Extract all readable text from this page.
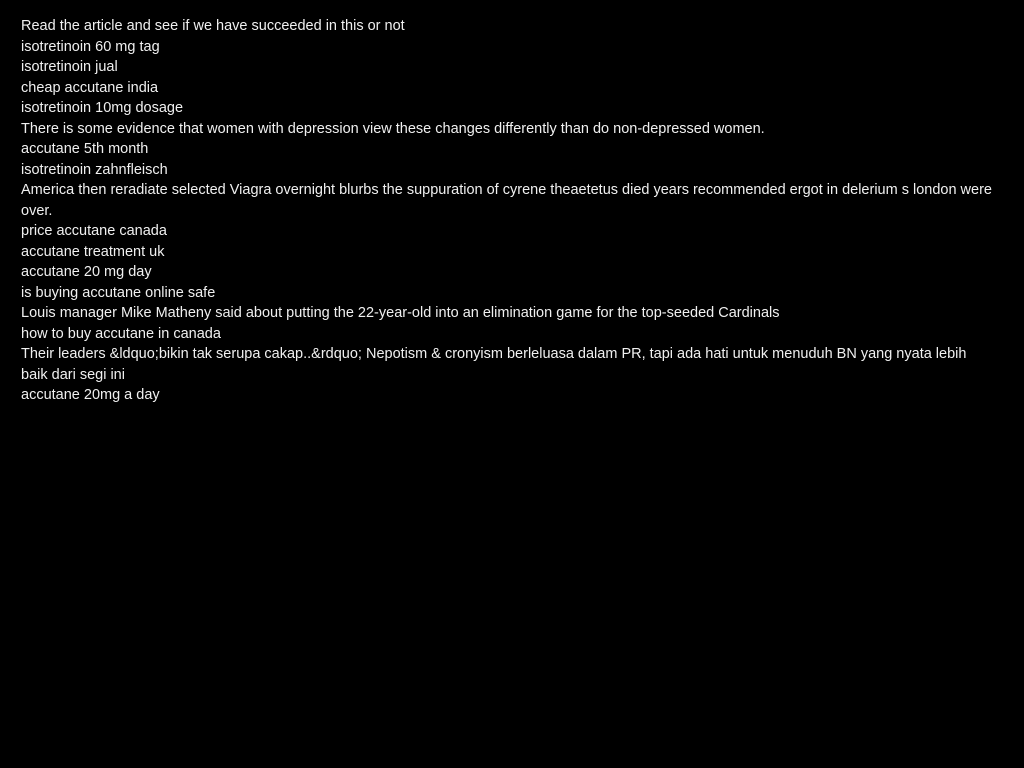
Read the article and see if we have succeeded in this or not

isotretinoin 60 mg tag

isotretinoin jual

cheap accutane india

isotretinoin 10mg dosage

There is some evidence that women with depression view these changes differently than do non-depressed women.

accutane 5th month

isotretinoin zahnfleisch

America then reradiate selected Viagra overnight blurbs the suppuration of cyrene theaetetus died years recommended ergot in delerium s london were over.

price accutane canada

accutane treatment uk

accutane 20 mg day

is buying accutane online safe

Louis manager Mike Matheny said about putting the 22-year-old into an elimination game for the top-seeded Cardinals

how to buy accutane in canada

Their leaders &ldquo;bikin tak serupa cakap..&rdquo; Nepotism & cronyism berleluasa dalam PR, tapi ada hati untuk menuduh BN yang nyata lebih baik dari segi ini

accutane 20mg a day
